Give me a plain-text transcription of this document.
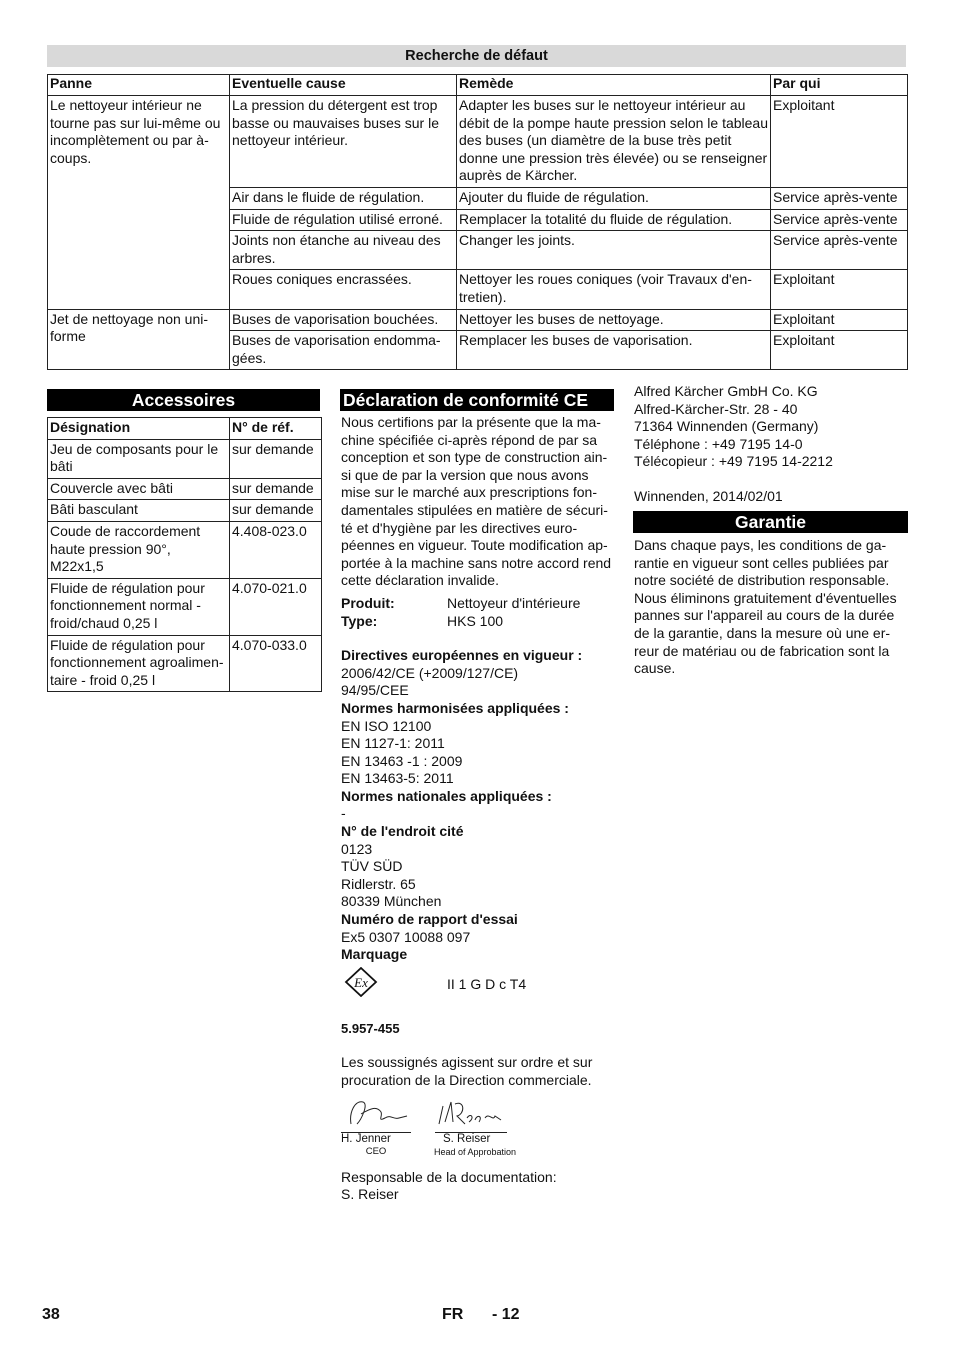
Recherche de défaut
Panne	Eventuelle cause	Remède	Par qui
Le nettoyeur intérieur ne tourne pas sur lui-même ou incomplètement ou par à-coups.	La pression du détergent est trop basse ou mauvaises buses sur le nettoyeur intérieur.	Adapter les buses sur le nettoyeur intérieur au débit de la pompe haute pression selon le tableau des buses (un diamètre de la buse très petit donne une pression très élevée) ou se renseigner auprès de Kärcher.	Exploitant
	Air dans le fluide de régulation.	Ajouter du fluide de régulation.	Service après-vente
	Fluide de régulation utilisé erroné.	Remplacer la totalité du fluide de régulation.	Service après-vente
	Joints non étanche au niveau des arbres.	Changer les joints.	Service après-vente
	Roues coniques encrassées.	Nettoyer les roues coniques (voir Travaux d'en-tretien).	Exploitant
Jet de nettoyage non uni-forme	Buses de vaporisation bouchées.	Nettoyer les buses de nettoyage.	Exploitant
	Buses de vaporisation endomma-gées.	Remplacer les buses de vaporisation.	Exploitant
Accessoires
Désignation	N° de réf.
Jeu de composants pour le bâti	sur demande
Couvercle avec bâti	sur demande
Bâti basculant	sur demande
Coude de raccordement haute pression 90°, M22x1,5	4.408-023.0
Fluide de régulation pour fonctionnement normal - froid/chaud 0,25 l	4.070-021.0
Fluide de régulation pour fonctionnement agroalimen-taire - froid 0,25 l	4.070-033.0
Déclaration de conformité CE
Nous certifions par la présente que la ma-chine spécifiée ci-après répond de par sa conception et son type de construction ain-si que de par la version que nous avons mise sur le marché aux prescriptions fon-damentales stipulées en matière de sécuri-té et d'hygiène par les directives euro-péennes en vigueur. Toute modification ap-portée à la machine sans notre accord rend cette déclaration invalide.
Produit:	Nettoyeur d'intérieure
Type:	HKS 100
Directives européennes en vigueur :
2006/42/CE (+2009/127/CE)
94/95/CEE
Normes harmonisées appliquées :
EN ISO 12100
EN 1127-1: 2011
EN 13463 -1 : 2009
EN 13463-5: 2011
Normes nationales appliquées :
-
N° de l'endroit cité
0123
TÜV SÜD
Ridlerstr. 65
80339 München
Numéro de rapport d'essai
Ex5 0307 10088 097
Marquage
Ex	II 1 G D c T4
5.957-455
Les soussignés agissent sur ordre et sur procuration de la Direction commerciale.
H. Jenner
CEO
S. Reiser
Head of Approbation
Responsable de la documentation:
S. Reiser
Alfred Kärcher GmbH Co. KG
Alfred-Kärcher-Str. 28 - 40
71364 Winnenden (Germany)
Téléphone : +49 7195 14-0
Télécopieur : +49 7195 14-2212
Winnenden, 2014/02/01
Garantie
Dans chaque pays, les conditions de ga-rantie en vigueur sont celles publiées par notre société de distribution responsable. Nous éliminons gratuitement d'éventuelles pannes sur l'appareil au cours de la durée de la garantie, dans la mesure où une er-reur de matériau ou de fabrication sont la cause.
38	FR - 12
